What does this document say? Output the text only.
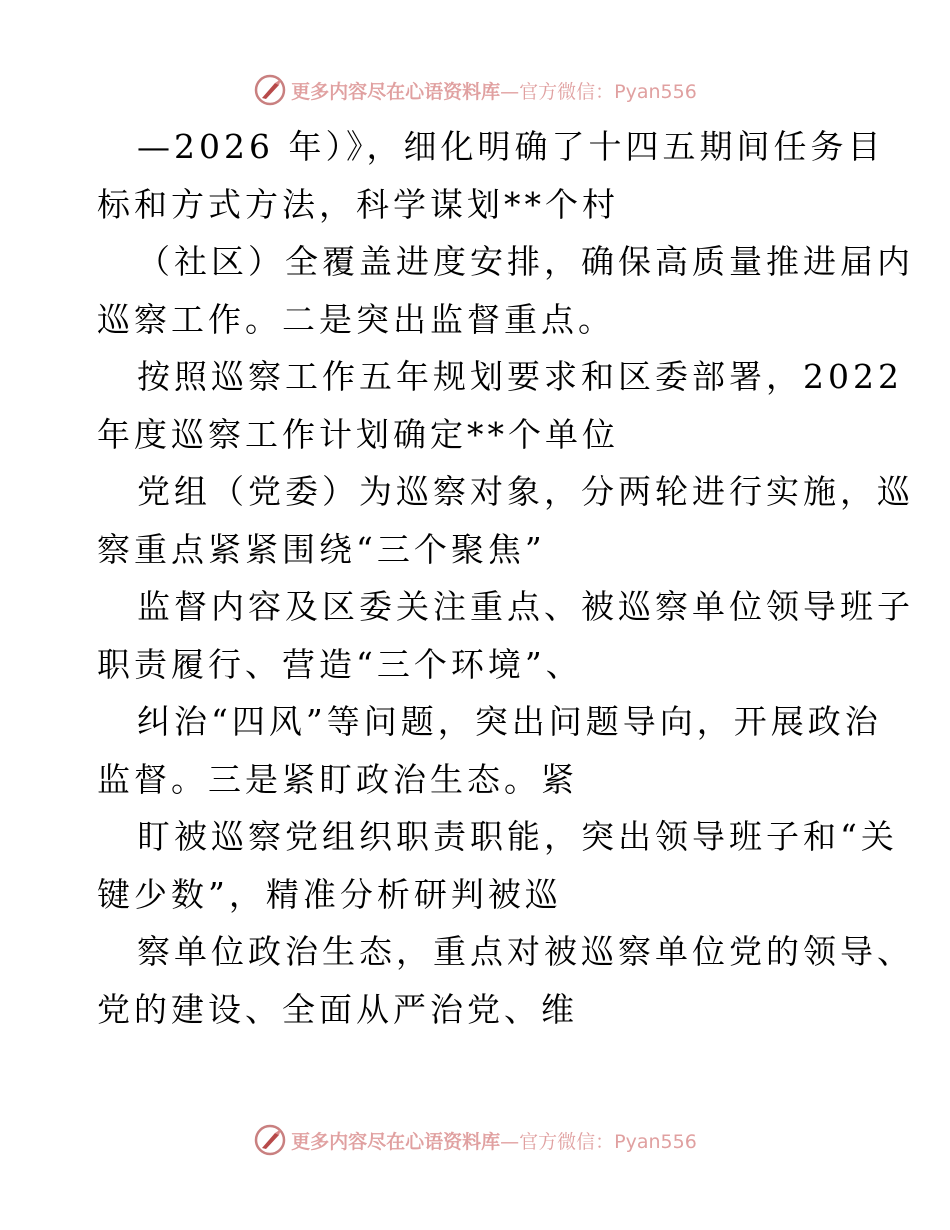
更多内容尽在心语资料库 —官方微信：Pyan556
—2026 年）》，细化明确了十四五期间任务目
标和方式方法，科学谋划**个村
（社区）全覆盖进度安排，确保高质量推进届内
巡察工作。二是突出监督重点。
按照巡察工作五年规划要求和区委部署，2022
年度巡察工作计划确定**个单位
党组（党委）为巡察对象，分两轮进行实施，巡
察重点紧紧围绕“三个聚焦”
监督内容及区委关注重点、被巡察单位领导班子
职责履行、营造“三个环境”、
纠治“四风”等问题，突出问题导向，开展政治
监督。三是紧盯政治生态。紧
盯被巡察党组织职责职能，突出领导班子和“关
键少数”，精准分析研判被巡
察单位政治生态，重点对被巡察单位党的领导、
党的建设、全面从严治党、维
更多内容尽在心语资料库 —官方微信：Pyan556
